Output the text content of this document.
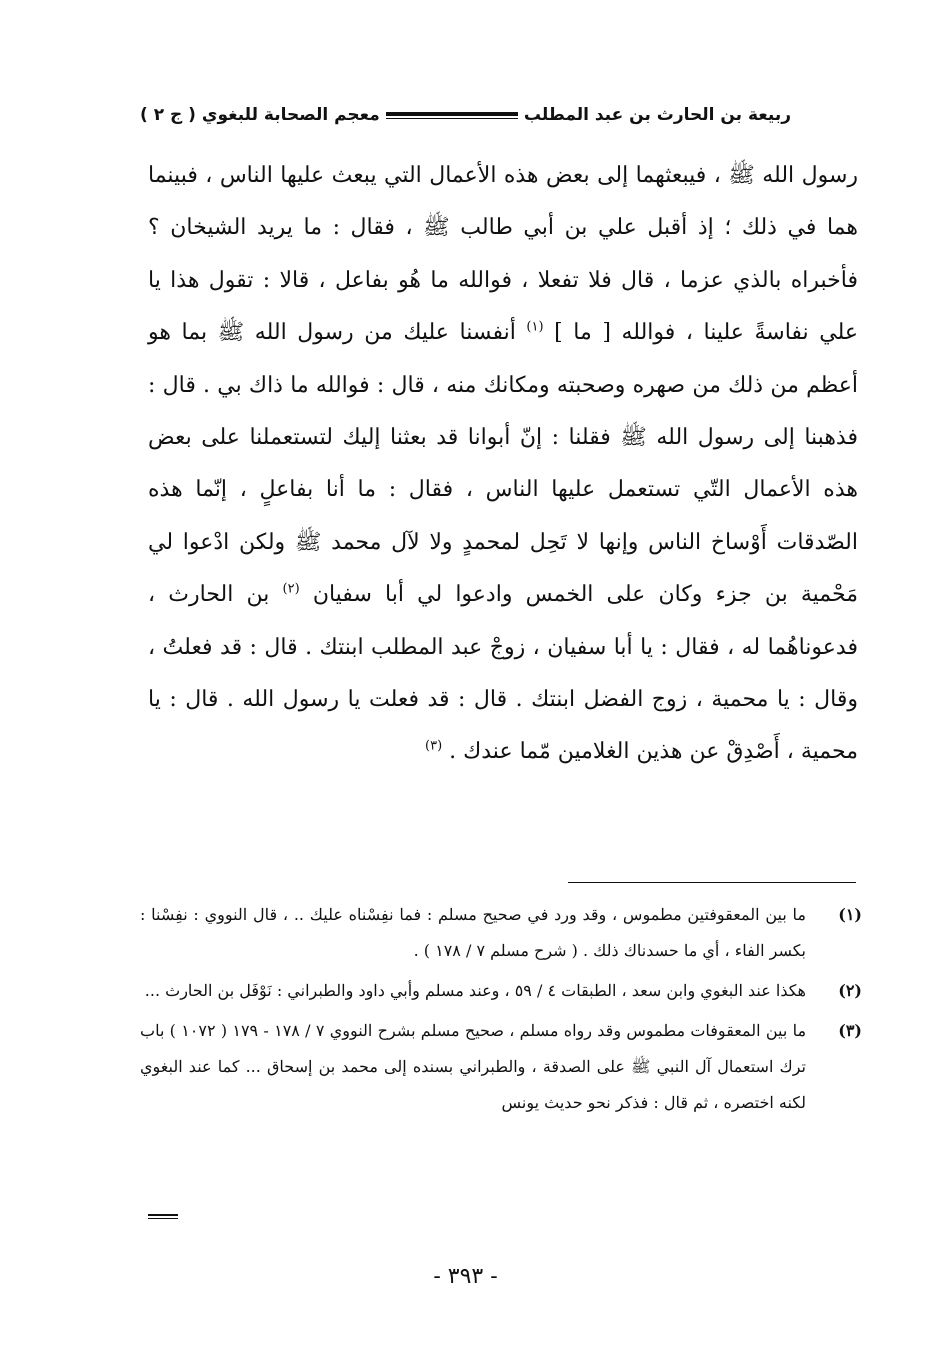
معجم الصحابة للبغوي ( ج ٢ )	ربيعة بن الحارث بن عبد المطلب

رسول الله ﷺ ، فيبعثهما إلى بعض هذه الأعمال التي يبعث عليها الناس ، فبينما هما في ذلك ؛ إذ أقبل علي بن أبي طالب ﷺ ، فقال : ما يريد الشيخان ؟ فأخبراه بالذي عزما ، قال فلا تفعلا ، فوالله ما هُو بفاعل ، قالا : تقول هذا يا علي نفاسةً علينا ، فوالله [ ما ] $^{(١)}$ أنفسنا عليك من رسول الله ﷺ بما هو أعظم من ذلك من صهره وصحبته ومكانك منه ، قال : فوالله ما ذاك بي . قال : فذهبنا إلى رسول الله ﷺ فقلنا : إنّ أبوانا قد بعثنا إليك لتستعملنا على بعض هذه الأعمال التّي تستعمل عليها الناس ، فقال : ما أنا بفاعلٍ ، إنّما هذه الصّدقات أَوْساخ الناس وإنها لا تَحِل لمحمدٍ ولا لآل محمد ﷺ ولكن ادْعوا لي مَحْمية بن جزء وكان على الخمس وادعوا لي أبا سفيان $^{(٢)}$ بن الحارث ، فدعوناهُما له ، فقال : يا أبا سفيان ، زوجْ عبد المطلب ابنتك . قال : قد فعلتُ ، وقال : يا محمية ، زوج الفضل ابنتك . قال : قد فعلت يا رسول الله . قال : يا محمية ، أَصْدِقْ عن هذين الغلامين مّما عندك . $^{(٣)}$

(١)
ما بين المعقوفتين مطموس ، وقد ورد في صحيح مسلم : فما نفِسْناه عليك .. ، قال النووي : نفِسْنا : بكسر الفاء ، أي ما حسدناك ذلك . ( شرح مسلم ٧ / ١٧٨ ) .
(٢)
هكذا عند البغوي وابن سعد ، الطبقات ٤ / ٥٩ ، وعند مسلم وأبي داود والطبراني : نَوْفَل بن الحارث ...
(٣)
ما بين المعقوفات مطموس وقد رواه مسلم ، صحيح مسلم بشرح النووي ٧ / ١٧٨ - ١٧٩ ( ١٠٧٢ ) باب ترك استعمال آل النبي ﷺ على الصدقة ، والطبراني بسنده إلى محمد بن إسحاق ... كما عند البغوي لكنه اختصره ، ثم قال : فذكر نحو حديث يونس
- ٣٩٣ -
